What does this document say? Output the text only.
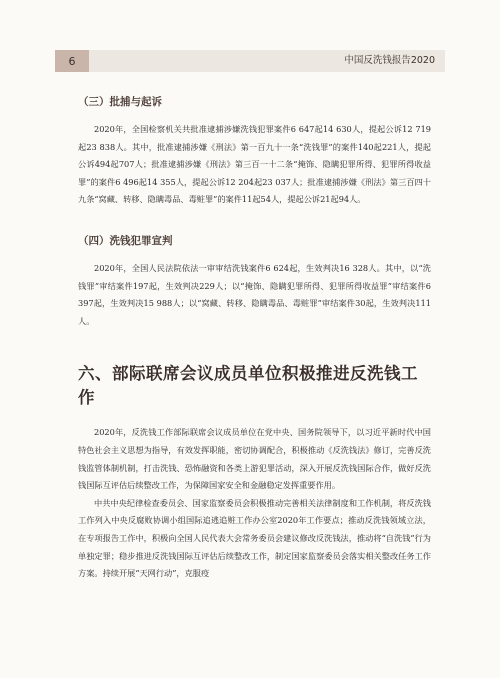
6	中国反洗钱报告2020
（三）批捕与起诉

2020年，全国检察机关共批准逮捕涉嫌洗钱犯罪案件6 647起14 630人，提起公诉12 719起23 838人。其中，批准逮捕涉嫌《刑法》第一百九十一条“洗钱罪”的案件140起221人，提起公诉494起707人；批准逮捕涉嫌《刑法》第三百一十二条“掩饰、隐瞒犯罪所得、犯罪所得收益罪”的案件6 496起14 355人，提起公诉12 204起23 037人；批准逮捕涉嫌《刑法》第三百四十九条“窝藏、转移、隐瞒毒品、毒赃罪”的案件11起54人，提起公诉21起94人。

（四）洗钱犯罪宣判

2020年，全国人民法院依法一审审结洗钱案件6 624起，生效判决16 328人。其中，以“洗钱罪”审结案件197起，生效判决229人；以“掩饰、隐瞒犯罪所得、犯罪所得收益罪”审结案件6 397起，生效判决15 988人；以“窝藏、转移、隐瞒毒品、毒赃罪”审结案件30起，生效判决111人。

六、部际联席会议成员单位积极推进反洗钱工作

2020年，反洗钱工作部际联席会议成员单位在党中央、国务院领导下，以习近平新时代中国特色社会主义思想为指导，有效发挥职能，密切协调配合，积极推动《反洗钱法》修订，完善反洗钱监管体制机制，打击洗钱、恐怖融资和各类上游犯罪活动，深入开展反洗钱国际合作，做好反洗钱国际互评估后续整改工作，为保障国家安全和金融稳定发挥重要作用。

中共中央纪律检查委员会、国家监察委员会积极推动完善相关法律制度和工作机制，将反洗钱工作列入中央反腐败协调小组国际追逃追赃工作办公室2020年工作要点；推动反洗钱领域立法，在专项报告工作中，积极向全国人民代表大会常务委员会建议修改反洗钱法，推动将“自洗钱”行为单独定罪；稳步推进反洗钱国际互评估后续整改工作，制定国家监察委员会落实相关整改任务工作方案。持续开展“天网行动”，克服疫
